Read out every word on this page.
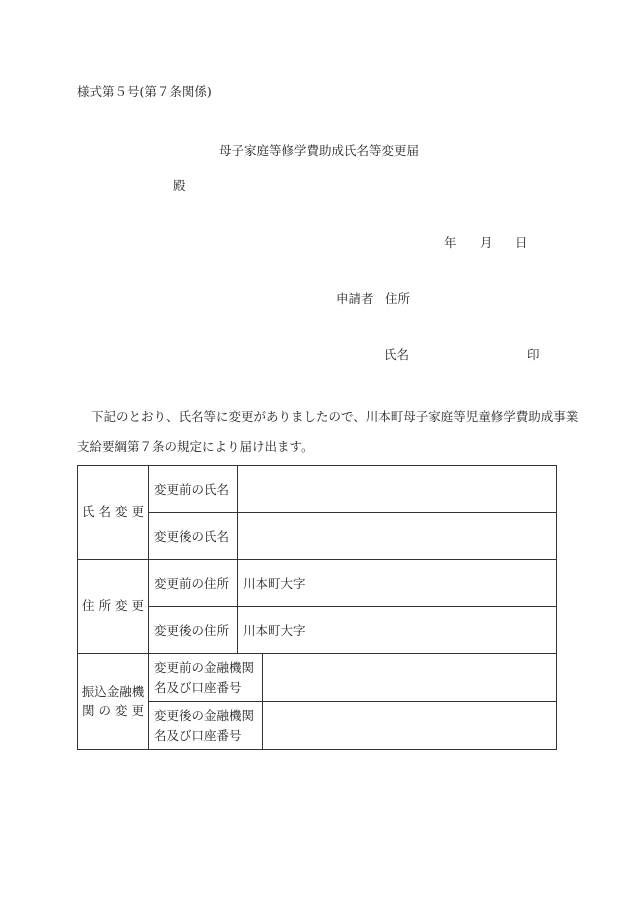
様式第５号(第７条関係)
母子家庭等修学費助成氏名等変更届
殿
年 月 日
申請者 住所
氏名	印
下記のとおり、氏名等に変更がありましたので、川本町母子家庭等児童修学費助成事業
支給要綱第７条の規定により届け出ます。
氏 名 変 更	変更前の氏名		
	変更後の氏名		
住 所 変 更	変更前の住所	川本町大字	
	変更後の住所	川本町大字	
振込金融機
関 の 変 更	変更前の金融機関
名及び口座番号		
	変更後の金融機関
名及び口座番号		
